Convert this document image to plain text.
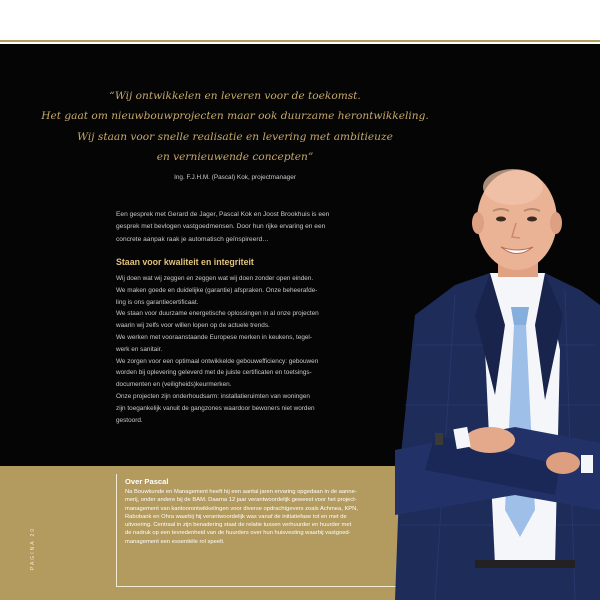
“Wij ontwikkelen en leveren voor de toekomst.
Het gaat om nieuwbouwprojecten maar ook duurzame herontwikkeling.
Wij staan voor snelle realisatie en levering met ambitieuze
en vernieuwende concepten”
Ing. F.J.H.M. (Pascal) Kok, projectmanager
Een gesprek met Gerard de Jager, Pascal Kok en Joost Brookhuis is een
gesprek met bevlogen vastgoedmensen. Door hun rijke ervaring en een
concrete aanpak raak je automatisch geïnspireerd…
Staan voor kwaliteit en integriteit
Wij doen wat wij zeggen en zeggen wat wij doen zonder open einden.
We maken goede en duidelijke (garantie) afspraken. Onze beheerafde-
ling is ons garantiecertificaat.
We staan voor duurzame energetische oplossingen in al onze projecten
waarin wij zelfs voor willen lopen op de actuele trends.
We werken met vooraanstaande Europese merken in keukens, tegel-
werk en sanitair.
We zorgen voor een optimaal ontwikkelde gebouwefficiency: gebouwen
worden bij oplevering geleverd met de juiste certificaten en toetsings-
documenten en (veiligheids)keurmerken.
Onze projecten zijn onderhoudsarm: installatieruimten van woningen
zijn toegankelijk vanuit de gangzones waardoor bewoners niet worden
gestoord.
Over Pascal
Na Bouwkunde en Management heeft hij een aantal jaren ervaring opgedaan in de aanne-
merij, onder andere bij de BAM. Daarna 12 jaar verantwoordelijk geweest voor het project-
management van kantoorontwikkelingen voor diverse opdrachtgevers zoals Achmea, KPN,
Rabobank en Ohra waarbij hij verantwoordelijk was vanaf de initiatiefase tot en met de
uitvoering. Centraal in zijn benadering staat de relatie tussen verhuurder en huurder met
de nadruk op een tevredenheid van de huurders over hun huisvesting waarbij vastgoed-
management een essentiële rol speelt.
PAGINA 20
